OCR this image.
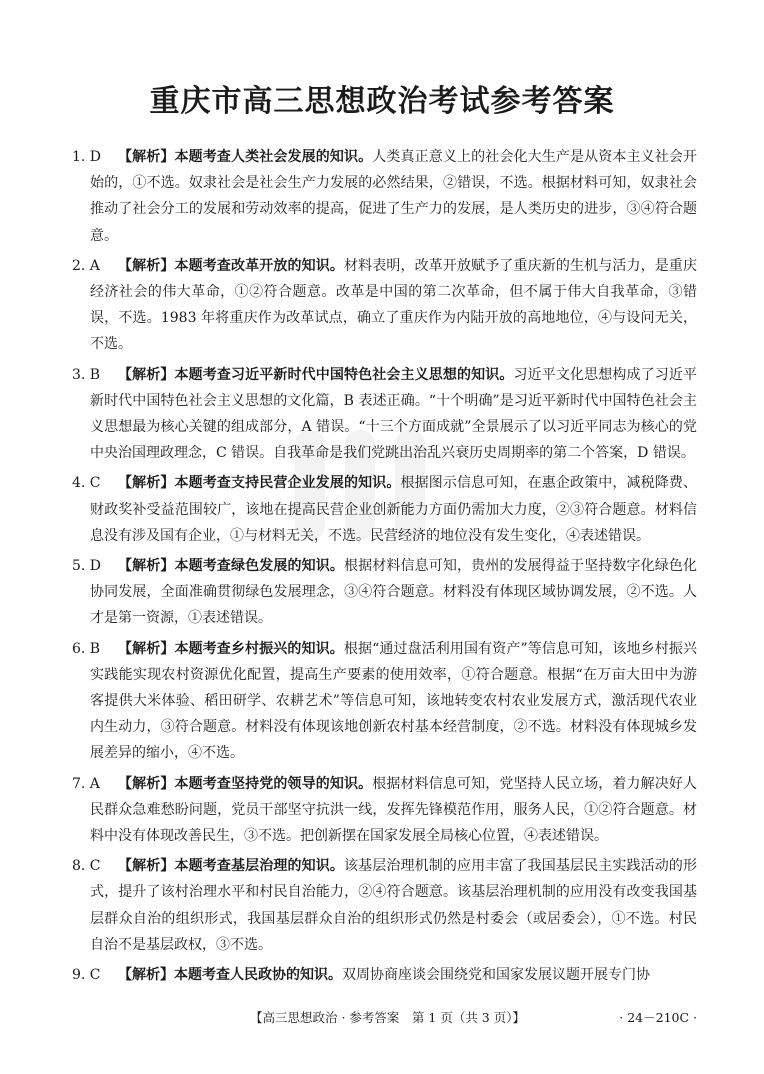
重庆市高三思想政治考试参考答案
1. D 【解析】本题考查人类社会发展的知识。人类真正意义上的社会化大生产是从资本主义社会开始的，①不选。奴隶社会是社会生产力发展的必然结果，②错误，不选。根据材料可知，奴隶社会推动了社会分工的发展和劳动效率的提高，促进了生产力的发展，是人类历史的进步，③④符合题意。
2. A 【解析】本题考查改革开放的知识。材料表明，改革开放赋予了重庆新的生机与活力，是重庆经济社会的伟大革命，①②符合题意。改革是中国的第二次革命，但不属于伟大自我革命，③错误，不选。1983 年将重庆作为改革试点，确立了重庆作为内陆开放的高地地位，④与设问无关，不选。
3. B 【解析】本题考查习近平新时代中国特色社会主义思想的知识。习近平文化思想构成了习近平新时代中国特色社会主义思想的文化篇，B 表述正确。“十个明确”是习近平新时代中国特色社会主义思想最为核心关键的组成部分，A 错误。“十三个方面成就”全景展示了以习近平同志为核心的党中央治国理政理念，C 错误。自我革命是我们党跳出治乱兴衰历史周期率的第二个答案，D 错误。
4. C 【解析】本题考查支持民营企业发展的知识。根据图示信息可知，在惠企政策中，减税降费、财政奖补受益范围较广，该地在提高民营企业创新能力方面仍需加大力度，②③符合题意。材料信息没有涉及国有企业，①与材料无关，不选。民营经济的地位没有发生变化，④表述错误。
5. D 【解析】本题考查绿色发展的知识。根据材料信息可知，贵州的发展得益于坚持数字化绿色化协同发展，全面准确贯彻绿色发展理念，③④符合题意。材料没有体现区域协调发展，②不选。人才是第一资源，①表述错误。
6. B 【解析】本题考查乡村振兴的知识。根据“通过盘活利用国有资产”等信息可知，该地乡村振兴实践能实现农村资源优化配置，提高生产要素的使用效率，①符合题意。根据“在万亩大田中为游客提供大米体验、稻田研学、农耕艺术”等信息可知，该地转变农村农业发展方式，激活现代农业内生动力，③符合题意。材料没有体现该地创新农村基本经营制度，②不选。材料没有体现城乡发展差异的缩小，④不选。
7. A 【解析】本题考查坚持党的领导的知识。根据材料信息可知，党坚持人民立场，着力解决好人民群众急难愁盼问题，党员干部坚守抗洪一线，发挥先锋模范作用，服务人民，①②符合题意。材料中没有体现改善民生，③不选。把创新摆在国家发展全局核心位置，④表述错误。
8. C 【解析】本题考查基层治理的知识。该基层治理机制的应用丰富了我国基层民主实践活动的形式，提升了该村治理水平和村民自治能力，②④符合题意。该基层治理机制的应用没有改变我国基层群众自治的组织形式，我国基层群众自治的组织形式仍然是村委会（或居委会），①不选。村民自治不是基层政权，③不选。
9. C 【解析】本题考查人民政协的知识。双周协商座谈会围绕党和国家发展议题开展专门协
【高三思想政治 · 参考答案　第 1 页（共 3 页）】	· 24－210C ·
